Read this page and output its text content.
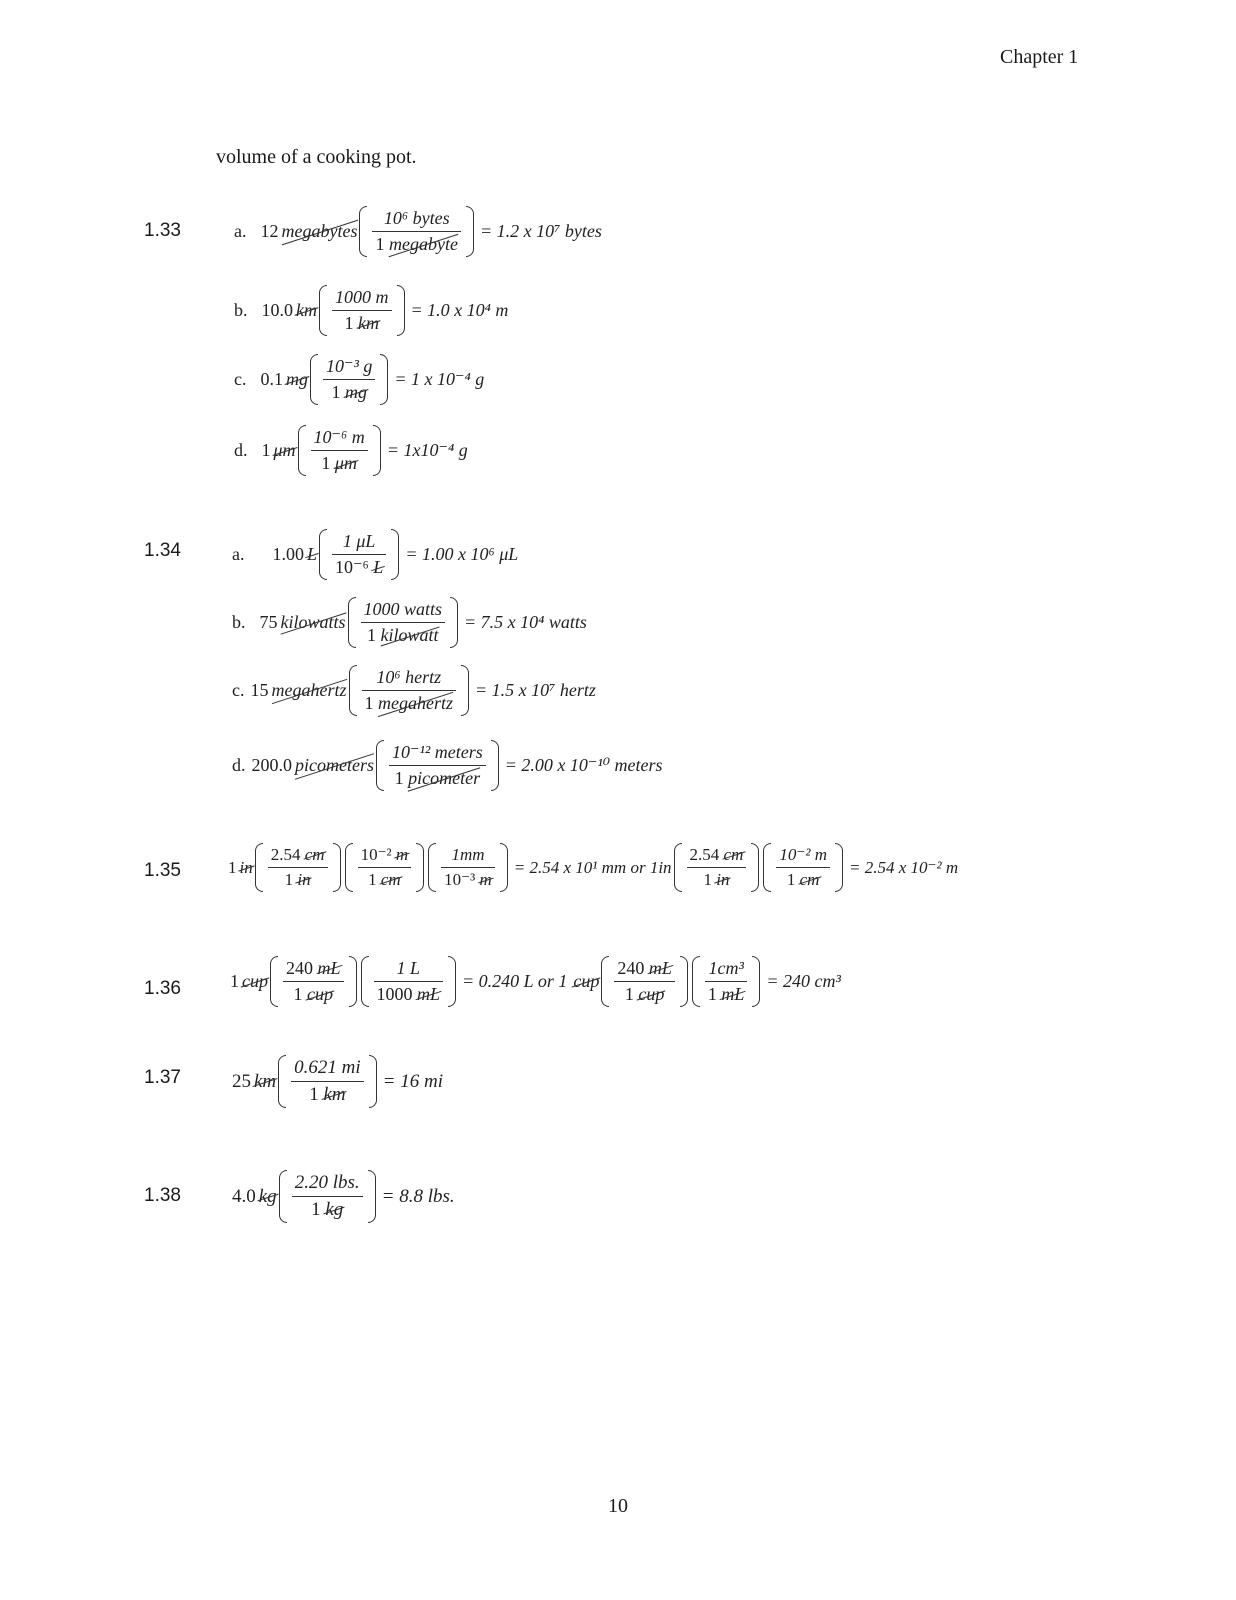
Chapter 1
volume of a cooking pot.
1.33	a. 12 megabytes $\frac{\text{10⁶ bytes}}{\text{1 megabyte}} = 1.2$ x 10⁷ bytes
b. 10.0 km $\frac{1000 m}{1 km} = 1.0$ x 10⁴ m
c. 0.1 mg $\frac{\text{10⁻³ g}}{1 mg} = 1$ x 10⁻⁴ g
d. 1 μm $\frac{\text{10⁻⁶ m}}{1 \mu m} = 1x10^{-4}$ g
1.34	a. 1.00 L $\frac{1 \mu L}{\text{10⁻⁶ L}} = 1.00$ x 10⁶ μL
b. 75 kilowatts $\frac{\text{1000 watts}}{\text{1 kilowatt}} = 7.5$ x 10⁴ watts
c. 15 megahertz $\frac{\text{10⁶ hertz}}{\text{1 megahertz}} = 1.5$ x 10⁷ hertz
d. 200.0 picometers $\frac{\text{10⁻¹² meters}}{\text{1 picometer}} = 2.00$ x 10⁻¹⁰ meters
1.35	1 in $\frac{2.54 cm}{1 in} \frac{\text{10⁻² m}}{1 cm} \frac{1mm}{\text{10⁻³ m}} = 2.54$ x 10¹ mm or $1in \frac{2.54 cm}{1 in} \frac{\text{10⁻² m}}{1 cm} = 2.54$ x 10⁻² m
1.36	1 cup $\frac{240 mL}{\text{1 cup}} \frac{1 L}{1000 mL} = 0.240$ L or 1 cup $\frac{240 mL}{\text{1 cup}} \frac{\text{1cm³}}{1 mL} = 240$ cm³
1.37	25 km $\frac{0.621 mi}{1 km} = 16$ mi
1.38	4.0 kg $\frac{\text{2.20 lbs.}}{1 kg} = 8.8$ lbs.
10
